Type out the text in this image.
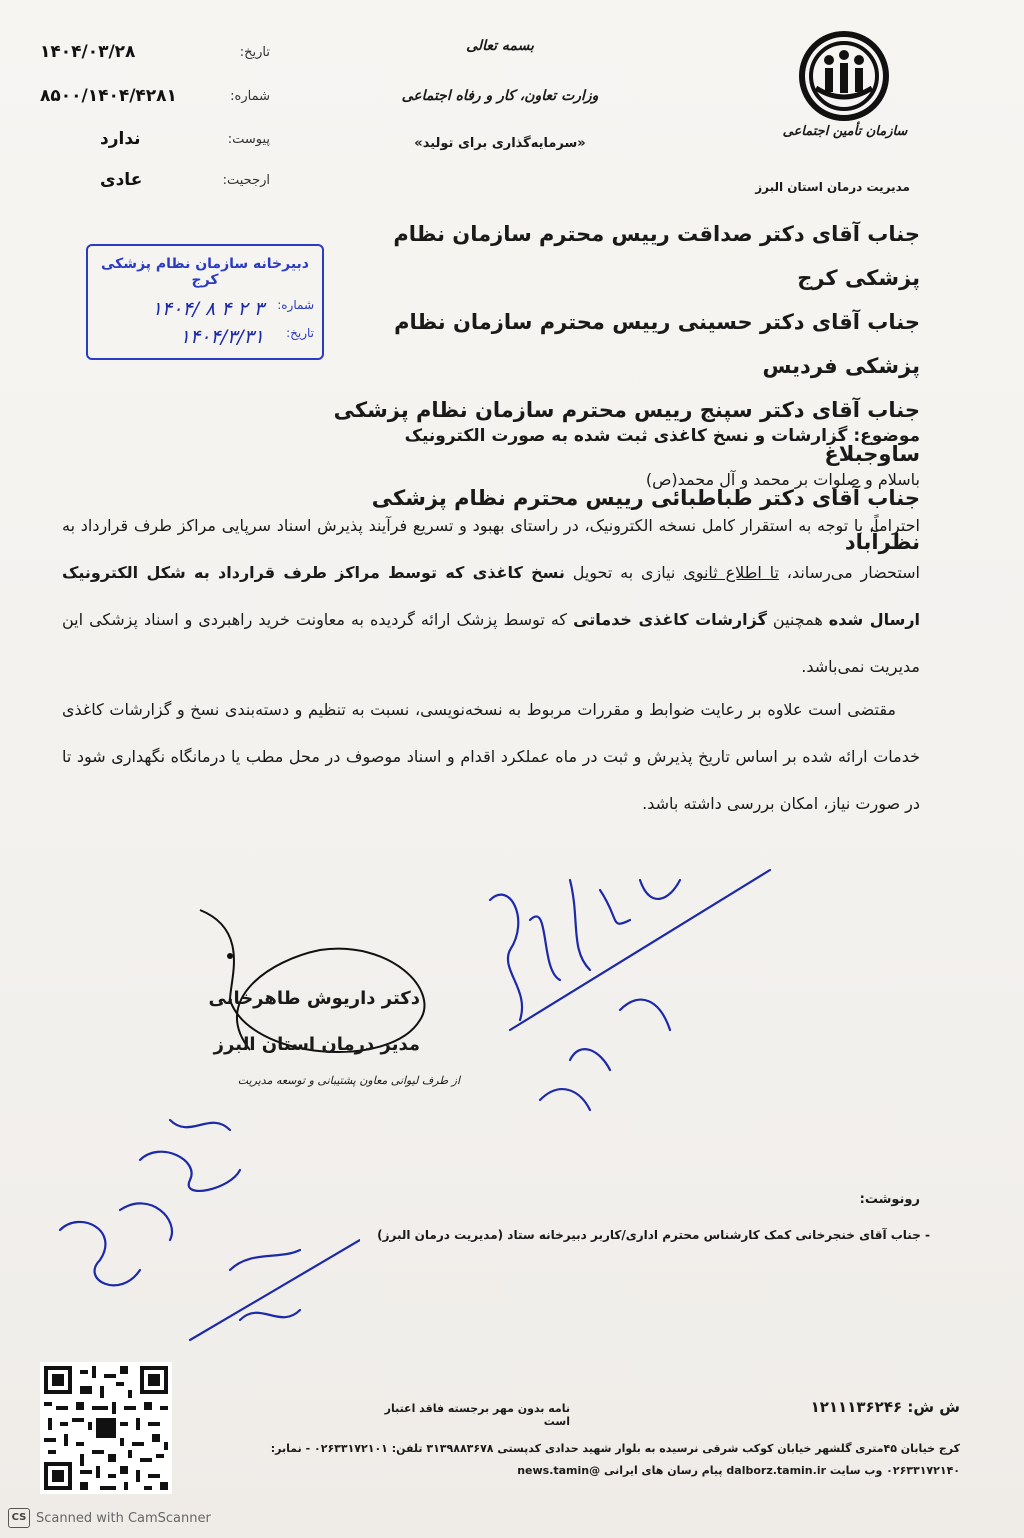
سازمان تأمین اجتماعی
بسمه تعالی
وزارت تعاون، کار و رفاه اجتماعی
«سرمایه‌گذاری برای تولید»
مدیریت درمان استان البرز
تاریخ:
۱۴۰۴/۰۳/۲۸
شماره:
۸۵۰۰/۱۴۰۴/۴۲۸۱
پیوست:
ندارد
ارجحیت:
عادی
دبیرخانه سازمان نظام پزشکی کرج
شماره:
۳ ۲ ۴ ۸ /۱۴۰۴
تاریخ:
۱۴۰۴/۳/۳۱
جناب آقای دکتر صداقت رییس محترم سازمان نظام پزشکی کرج
جناب آقای دکتر حسینی رییس محترم سازمان نظام پزشکی فردیس
جناب آقای دکتر سپنج رییس محترم سازمان نظام پزشکی ساوجبلاغ
جناب آقای دکتر طباطبائی رییس محترم نظام پزشکی نظرآباد
موضوع: گزارشات و نسخ کاغذی ثبت شده به صورت الکترونیک
باسلام و صلوات بر محمد و آل محمد(ص)
احتراماً، با توجه به استقرار کامل نسخه الکترونیک، در راستای بهبود و تسریع فرآیند پذیرش اسناد سرپایی مراکز طرف قرارداد به استحضار می‌رساند، تا اطلاع ثانوی نیازی به تحویل نسخ کاغذی که توسط مراکز طرف قرارداد به شکل الکترونیک ارسال شده همچنین گزارشات کاغذی خدماتی که توسط پزشک ارائه گردیده به معاونت خرید راهبردی و اسناد پزشکی این مدیریت نمی‌باشد.
مقتضی است علاوه بر رعایت ضوابط و مقررات مربوط به نسخه‌نویسی، نسبت به تنظیم و دسته‌بندی نسخ و گزارشات کاغذی خدمات ارائه شده بر اساس تاریخ پذیرش و ثبت در ماه عملکرد اقدام و اسناد موصوف در محل مطب یا درمانگاه نگهداری شود تا در صورت نیاز، امکان بررسی داشته باشد.
دکتر داریوش طاهرخانی
مدیر درمان استان البرز
از طرف لیوانی معاون پشتیبانی و توسعه مدیریت
رونوشت:
- جناب آقای خنجرخانی کمک کارشناس محترم اداری/کاربر دبیرخانه ستاد (مدیریت درمان البرز)
ش ش: ۱۲۱۱۱۳۶۲۴۶
نامه بدون مهر برجسته فاقد اعتبار است
کرج خیابان ۴۵متری گلشهر خیابان کوکب شرقی نرسیده به بلوار شهید حدادی کدپستی ۳۱۳۹۸۸۳۶۷۸ تلفن: ۰۲۶۳۳۱۷۲۱۰۱ - نمابر: ۰۲۶۳۳۱۷۲۱۴۰ وب سایت dalborz.tamin.ir پیام رسان های ایرانی @news.tamin
CS Scanned with CamScanner
